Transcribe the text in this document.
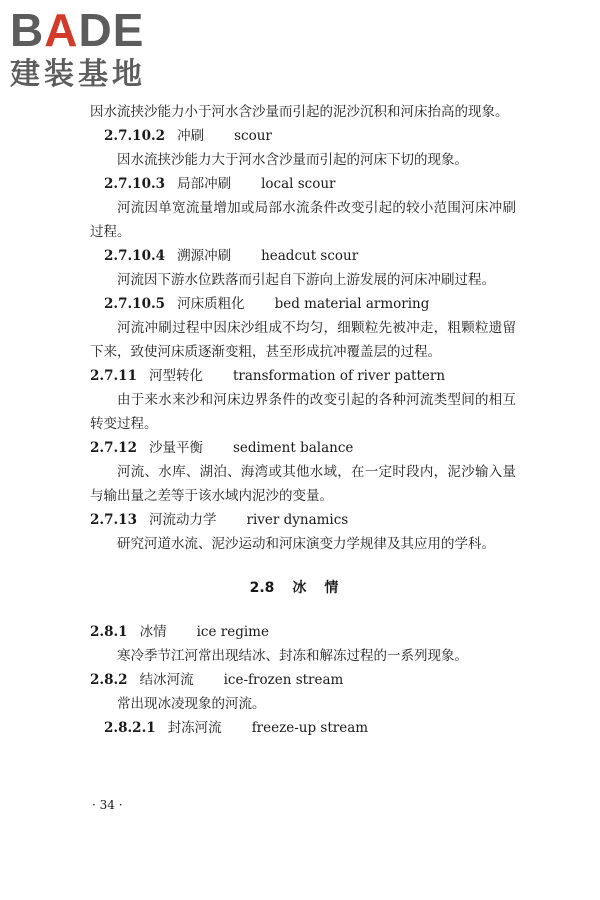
BADE
建装基地

因水流挟沙能力小于河水含沙量而引起的泥沙沉积和河床抬高的现象。

2.7.10.2 冲刷 scour

因水流挟沙能力大于河水含沙量而引起的河床下切的现象。

2.7.10.3 局部冲刷 local scour

河流因单宽流量增加或局部水流条件改变引起的较小范围河床冲刷过程。

2.7.10.4 溯源冲刷 headcut scour

河流因下游水位跌落而引起自下游向上游发展的河床冲刷过程。

2.7.10.5 河床质粗化 bed material armoring

河流冲刷过程中因床沙组成不均匀，细颗粒先被冲走，粗颗粒遗留下来，致使河床质逐渐变粗，甚至形成抗冲覆盖层的过程。

2.7.11 河型转化 transformation of river pattern

由于来水来沙和河床边界条件的改变引起的各种河流类型间的相互转变过程。

2.7.12 沙量平衡 sediment balance

河流、水库、湖泊、海湾或其他水域，在一定时段内，泥沙输入量与输出量之差等于该水域内泥沙的变量。

2.7.13 河流动力学 river dynamics

研究河道水流、泥沙运动和河床演变力学规律及其应用的学科。

2.8 冰情
2.8.1 冰情 ice regime

寒冷季节江河常出现结冰、封冻和解冻过程的一系列现象。

2.8.2 结冰河流 ice-frozen stream

常出现冰凌现象的河流。

2.8.2.1 封冻河流 freeze-up stream
· 34 ·
